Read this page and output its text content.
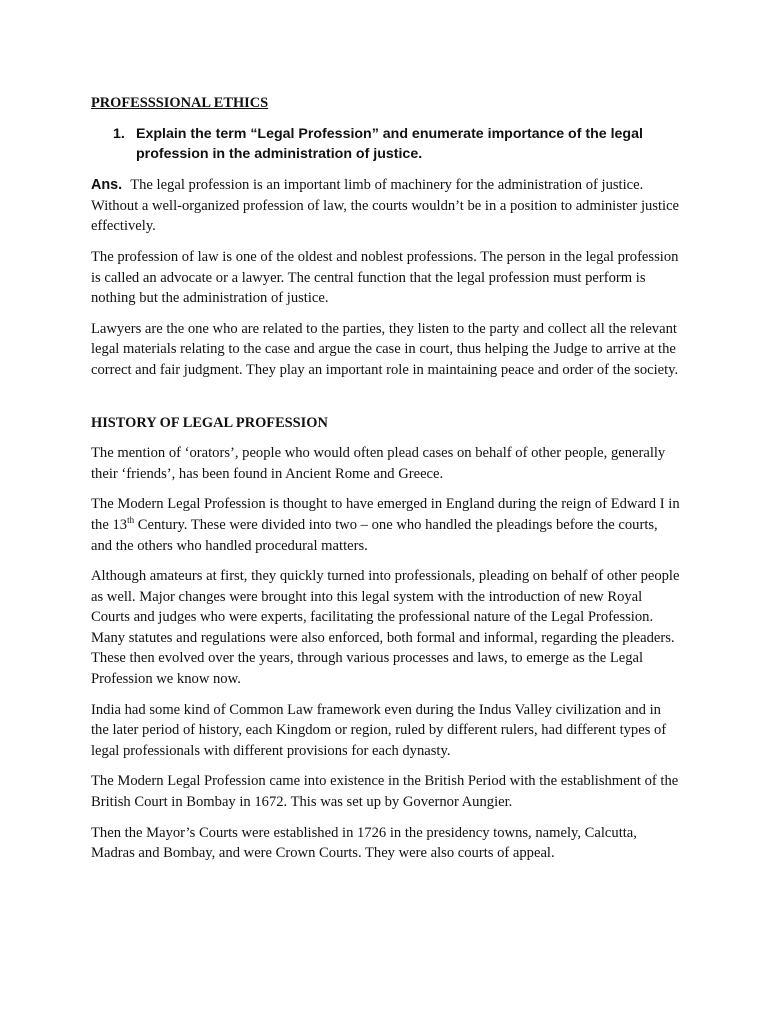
PROFESSSIONAL ETHICS

1. Explain the term “Legal Profession” and enumerate importance of the legal profession in the administration of justice.

Ans. The legal profession is an important limb of machinery for the administration of justice. Without a well-organized profession of law, the courts wouldn’t be in a position to administer justice effectively.

The profession of law is one of the oldest and noblest professions. The person in the legal profession is called an advocate or a lawyer. The central function that the legal profession must perform is nothing but the administration of justice.

Lawyers are the one who are related to the parties, they listen to the party and collect all the relevant legal materials relating to the case and argue the case in court, thus helping the Judge to arrive at the correct and fair judgment. They play an important role in maintaining peace and order of the society.

HISTORY OF LEGAL PROFESSION

The mention of ‘orators’, people who would often plead cases on behalf of other people, generally their ‘friends’, has been found in Ancient Rome and Greece.

The Modern Legal Profession is thought to have emerged in England during the reign of Edward I in the 13th Century. These were divided into two – one who handled the pleadings before the courts, and the others who handled procedural matters.

Although amateurs at first, they quickly turned into professionals, pleading on behalf of other people as well. Major changes were brought into this legal system with the introduction of new Royal Courts and judges who were experts, facilitating the professional nature of the Legal Profession. Many statutes and regulations were also enforced, both formal and informal, regarding the pleaders. These then evolved over the years, through various processes and laws, to emerge as the Legal Profession we know now.

India had some kind of Common Law framework even during the Indus Valley civilization and in the later period of history, each Kingdom or region, ruled by different rulers, had different types of legal professionals with different provisions for each dynasty.

The Modern Legal Profession came into existence in the British Period with the establishment of the British Court in Bombay in 1672. This was set up by Governor Aungier.

Then the Mayor’s Courts were established in 1726 in the presidency towns, namely, Calcutta, Madras and Bombay, and were Crown Courts. They were also courts of appeal.
